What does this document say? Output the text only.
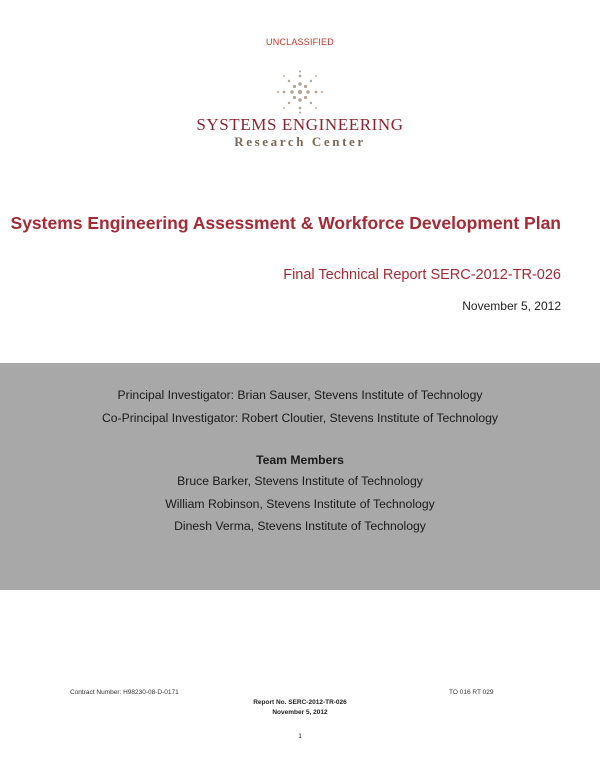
UNCLASSIFIED
SYSTEMS ENGINEERING
Research Center
Systems Engineering Assessment & Workforce Development Plan
Final Technical Report SERC-2012-TR-026
November 5, 2012
Principal Investigator: Brian Sauser, Stevens Institute of Technology
Co-Principal Investigator: Robert Cloutier, Stevens Institute of Technology
Team Members
Bruce Barker, Stevens Institute of Technology
William Robinson, Stevens Institute of Technology
Dinesh Verma, Stevens Institute of Technology
Contract Number: H98230-08-D-0171	TO 016 RT 029
Report No. SERC-2012-TR-026
November 5, 2012
1
